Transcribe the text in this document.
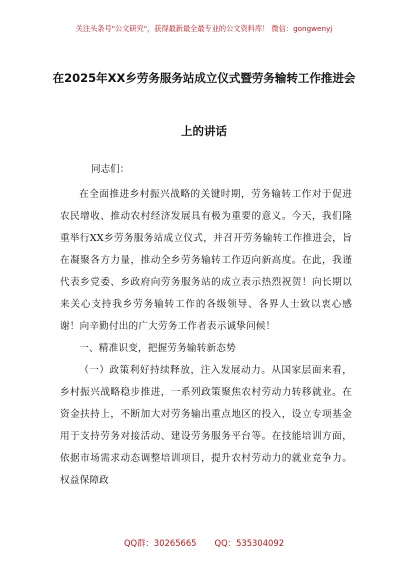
关注头条号"公文研究"，获得最新最全最专业的公文资料库！ 微信：gongwenyj
在2025年XX乡劳务服务站成立仪式暨劳务输转工作推进会
上的讲话
同志们：

在全面推进乡村振兴战略的关键时期，劳务输转工作对于促进农民增收、推动农村经济发展具有极为重要的意义。今天，我们隆重举行XX乡劳务服务站成立仪式，并召开劳务输转工作推进会，旨在凝聚各方力量，推动全乡劳务输转工作迈向新高度。在此，我谨代表乡党委、乡政府向劳务服务站的成立表示热烈祝贺！向长期以来关心支持我乡劳务输转工作的各级领导、各界人士致以衷心感谢！向辛勤付出的广大劳务工作者表示诚挚问候！

一、精准识变，把握劳务输转新态势

（一）政策利好持续释放，注入发展动力。从国家层面来看，乡村振兴战略稳步推进，一系列政策聚焦农村劳动力转移就业。在资金扶持上，不断加大对劳务输出重点地区的投入，设立专项基金用于支持劳务对接活动、建设劳务服务平台等。在技能培训方面，依据市场需求动态调整培训项目，提升农村劳动力的就业竞争力。权益保障政

QQ群：30265665 QQ：535304092
